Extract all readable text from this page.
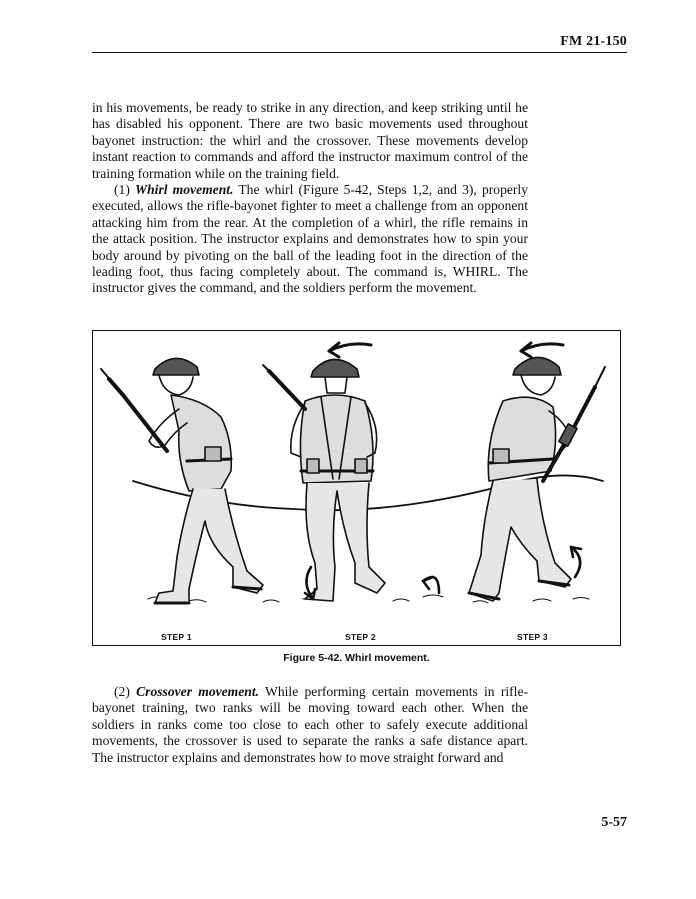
FM 21-150

in his movements, be ready to strike in any direction, and keep striking until he has disabled his opponent. There are two basic movements used throughout bayonet instruction: the whirl and the crossover. These movements develop instant reaction to commands and afford the instructor maximum control of the training formation while on the training field.

(1) Whirl movement. The whirl (Figure 5-42, Steps 1,2, and 3), properly executed, allows the rifle-bayonet fighter to meet a challenge from an opponent attacking him from the rear. At the completion of a whirl, the rifle remains in the attack position. The instructor explains and demonstrates how to spin your body around by pivoting on the ball of the leading foot in the direction of the leading foot, thus facing completely about. The command is, WHIRL. The instructor gives the command, and the soldiers perform the movement.

STEP 1	STEP 2	STEP 3
Figure 5-42. Whirl movement.

(2) Crossover movement. While performing certain movements in rifle-bayonet training, two ranks will be moving toward each other. When the soldiers in ranks come too close to each other to safely execute additional movements, the crossover is used to separate the ranks a safe distance apart. The instructor explains and demonstrates how to move straight forward and

5-57
